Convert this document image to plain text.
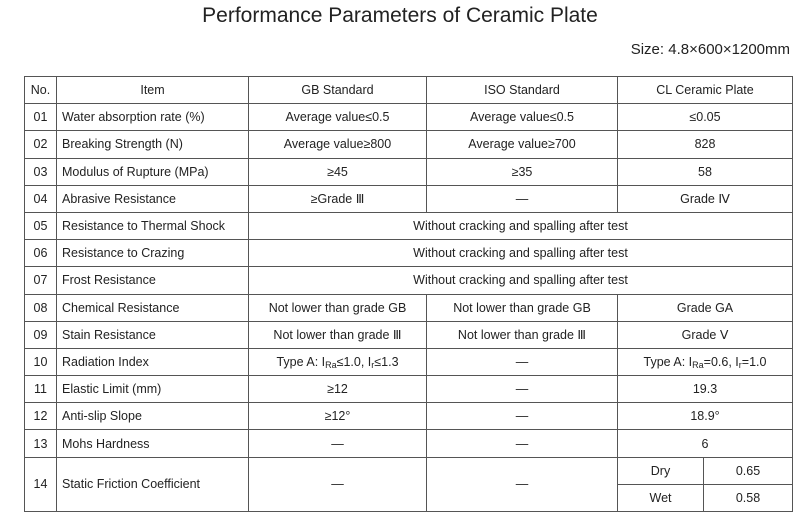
Performance Parameters of Ceramic Plate
Size: 4.8×600×1200mm
No.	Item	GB Standard	ISO Standard	CL Ceramic Plate	
01	Water absorption rate (%)	Average value≤0.5	Average value≤0.5	≤0.05	
02	Breaking Strength (N)	Average value≥800	Average value≥700	828	
03	Modulus of Rupture (MPa)	≥45	≥35	58	
04	Abrasive Resistance	≥Grade Ⅲ	—	Grade Ⅳ	
05	Resistance to Thermal Shock	Without cracking and spalling after test			
06	Resistance to Crazing	Without cracking and spalling after test			
07	Frost Resistance	Without cracking and spalling after test			
08	Chemical Resistance	Not lower than grade GB	Not lower than grade GB	Grade GA	
09	Stain Resistance	Not lower than grade Ⅲ	Not lower than grade Ⅲ	Grade Ⅴ	
10	Radiation Index	Type A: $I_{Ra}\le 1.0$, $I_r\le 1.3$	—	Type A: $I_{Ra}=0.6$, $I_r=1.0$	
11	Elastic Limit (mm)	≥12	—	19.3	
12	Anti-slip Slope	≥12°	—	18.9°	
13	Mohs Hardness	—	—	6	
14	Static Friction Coefficient	—	—	Dry	0.65
				Wet	0.58
